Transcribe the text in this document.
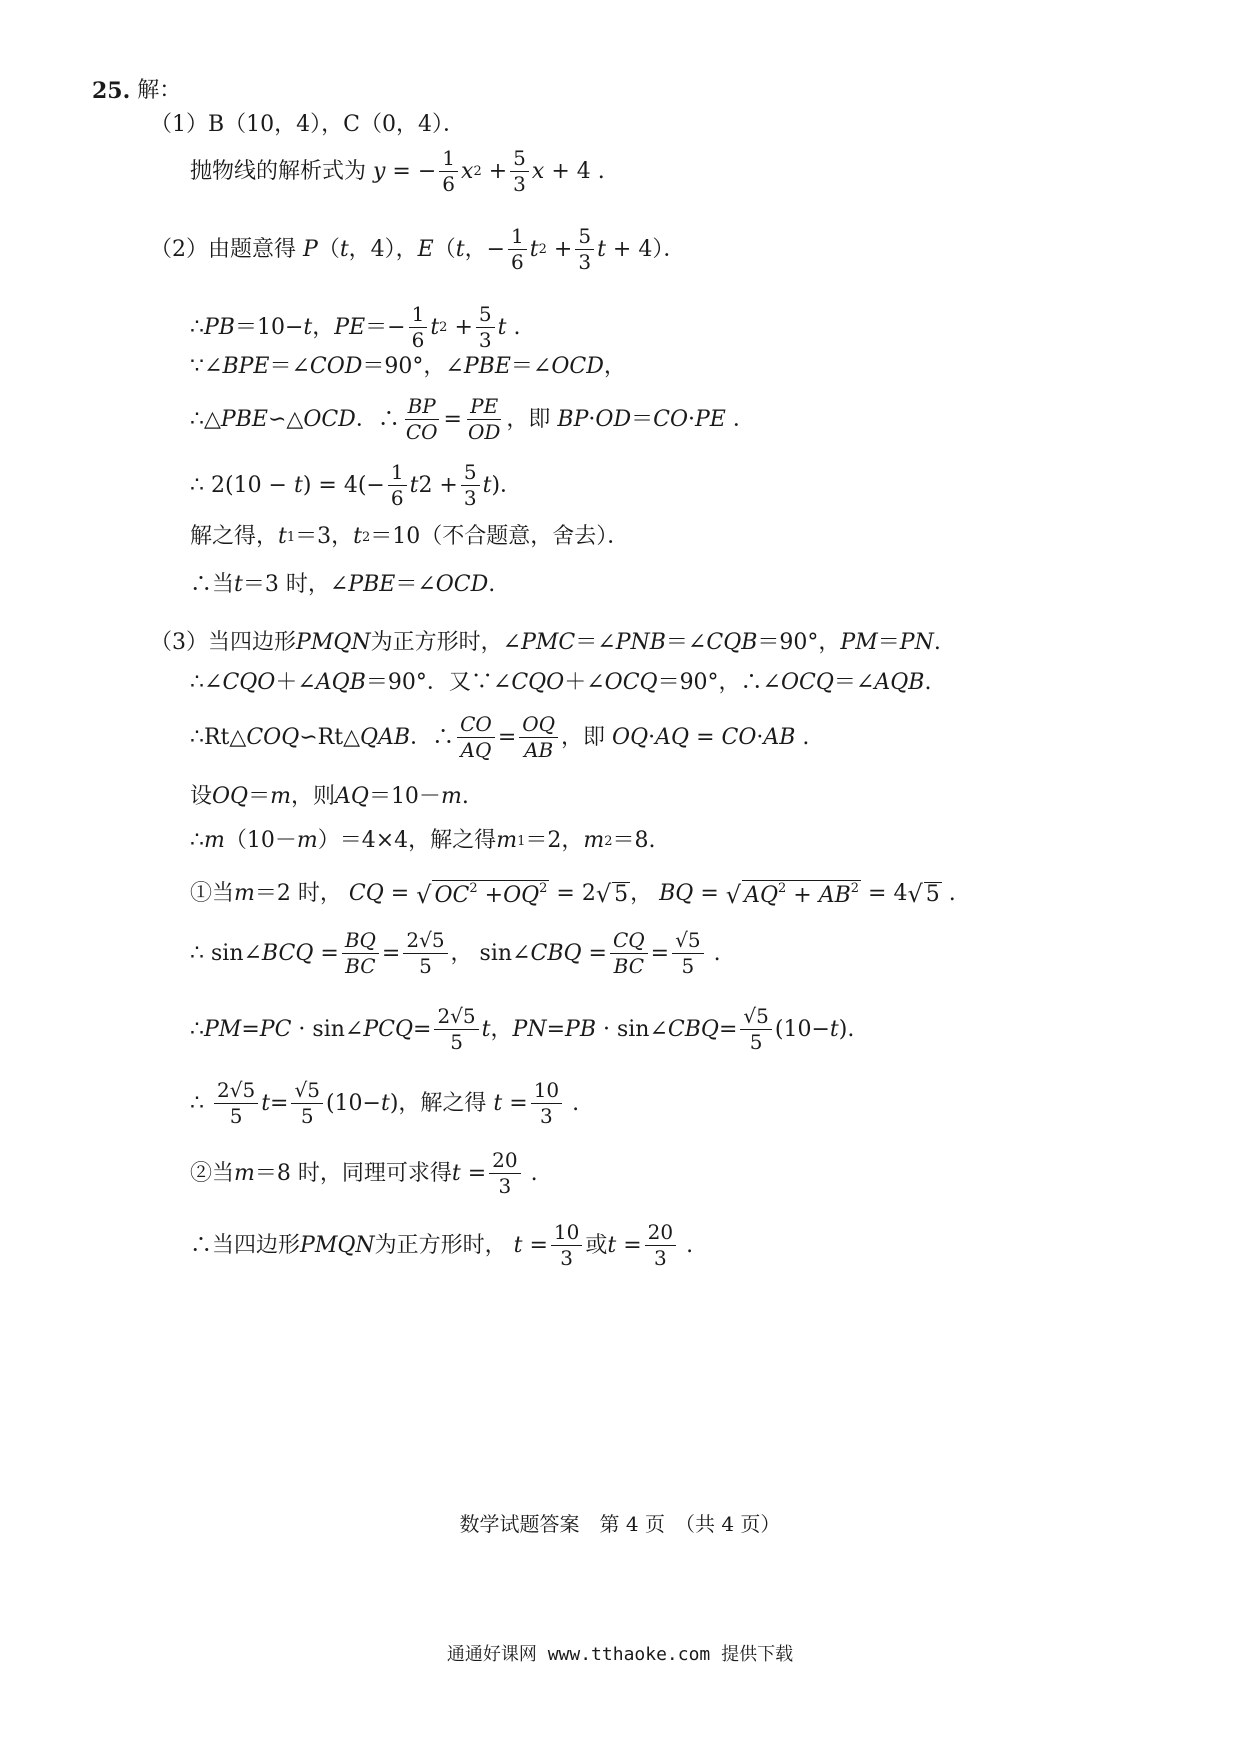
25.
解：
（1） B（10，4），C（0，4）．
抛物线的解析式为 y = − $\frac{1}{6}$ x $2 + \frac{5}{3}$ x + 4 .
（2） 由题意得 P （ t ，4）， E （ t ，− $\frac{1}{6}$ t $2 + \frac{5}{3}$ t + 4）．
∴ PB ＝10− t ， PE ＝− $\frac{1}{6}$ t $2 + \frac{5}{3}$ t .
∵∠ BPE ＝∠ COD ＝90°，∠ PBE ＝∠ OCD ，
∴△ PBE ∽△ OCD ．∴ $\frac{BP}{CO} = \frac{PE}{OD}$ ，即 BP · OD ＝ CO · PE ．
∴ 2(10 − t ) = $4(- \frac{1}{6}$ t $2 + \frac{5}{3}$ t )．
解之得， t 1 ＝3， t 2 ＝10（不合题意，舍去）．
∴当 t ＝3 时，∠ PBE ＝∠ OCD .
（3） 当四边形 PMQN 为正方形时，∠ PMC ＝∠ PNB ＝∠ CQB ＝90°， PM ＝ PN .
∴∠ CQO ＋∠ AQB ＝90°．又∵∠ CQO ＋∠ OCQ ＝90°，∴∠ OCQ ＝∠ AQB .
∴Rt△ COQ ∽Rt△ QAB ．∴ $\frac{CO}{AQ} = \frac{OQ}{AB}$ ，即 OQ · AQ = CO · AB .
设 OQ ＝ m ，则 AQ ＝10－ m .
∴ m （10－ m ）＝4×4，解之得 m 1 ＝2， m 2 ＝8.
①当 m ＝2 时， CQ = √ $OC^2 +OQ^2 = 2$ √ 5 ， BQ = √ $AQ^2 + AB^2 = 4$ √ 5 .
∴ sin∠ BCQ = $\frac{BQ}{BC} = \frac{2√5}{5}$ ， sin∠ CBQ = $\frac{CQ}{BC} = \frac{√5}{5}$ .
∴ PM = PC · sin∠ PCQ = $\frac{2√5}{5}$ t ， PN = PB · sin∠ CBQ = $\frac{√5}{5} (10- t$ ).
∴ $\frac{2√5}{5}$ $t = \frac{√5}{5} (10- t$ )，解之得 $t = \frac{10}{3}$ .
②当 m ＝8 时，同理可求得 $t = \frac{20}{3}$ .
∴当四边形 PMQN 为正方形时， $t = \frac{10}{3}$ 或 $t = \frac{20}{3}$ .
数学试题答案　第 4 页　（共 4 页）
通通好课网 www.tthaoke.com 提供下载
